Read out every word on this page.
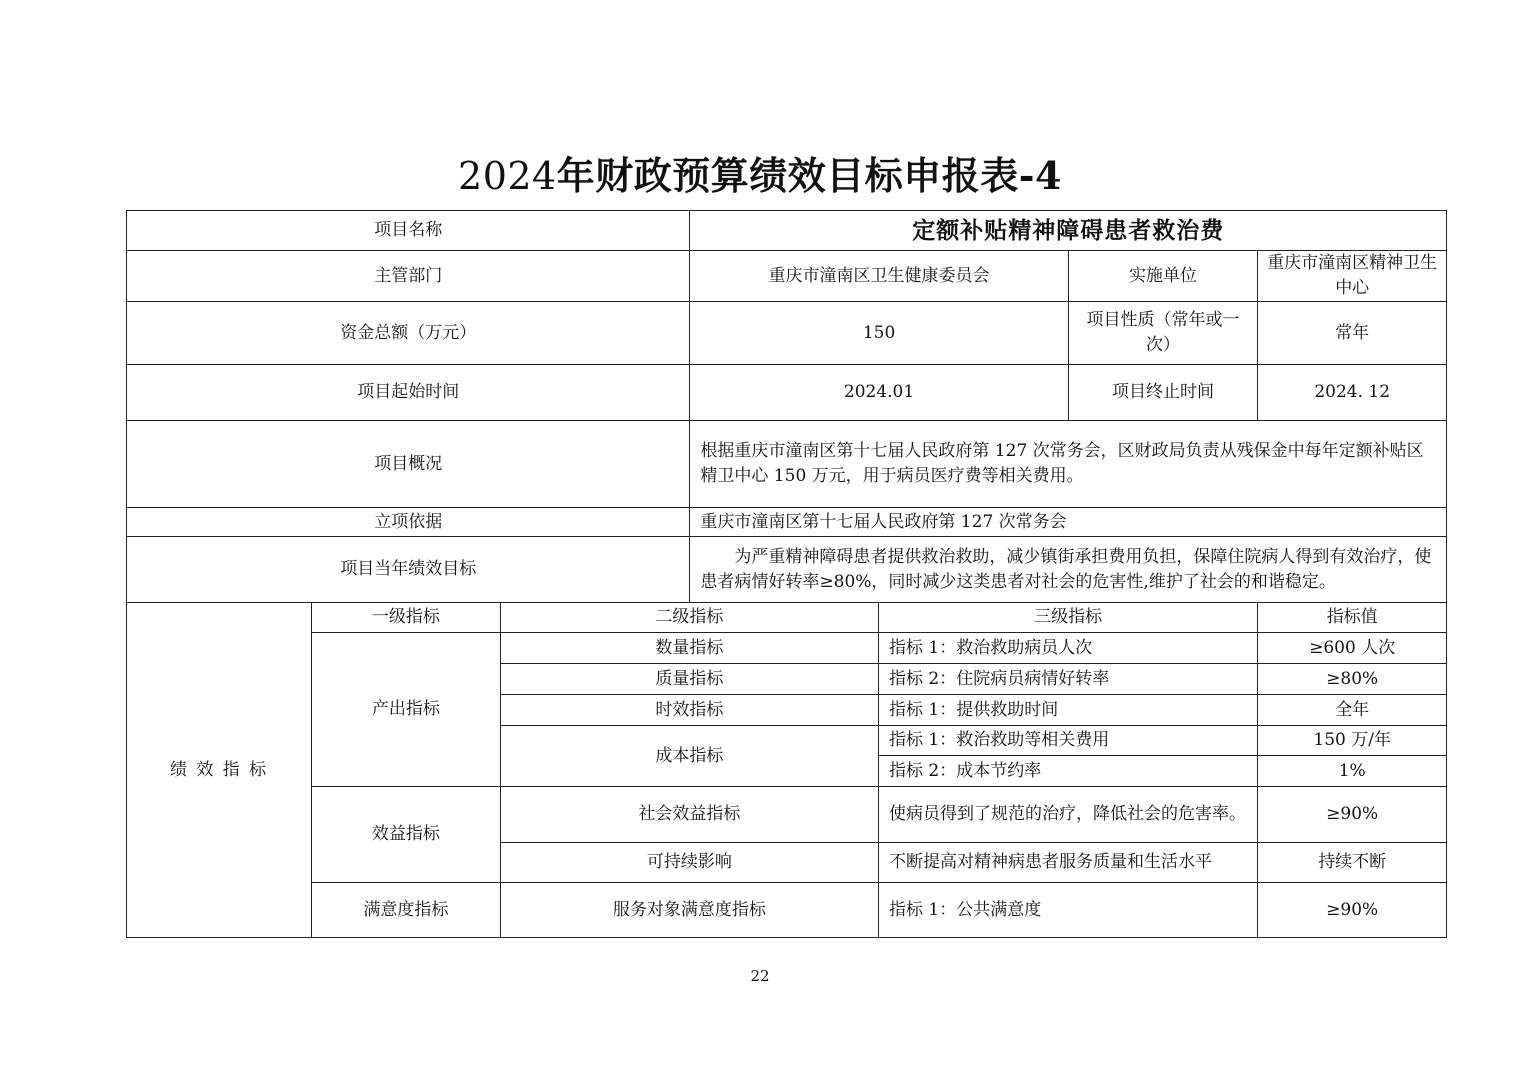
2024年财政预算绩效目标申报表-4
项目名称			定额补贴精神障碍患者救治费			
主管部门			重庆市潼南区卫生健康委员会		实施单位	重庆市潼南区精神卫生中心
资金总额（万元）			150		项目性质（常年或一次）	常年
项目起始时间			2024.01		项目终止时间	2024. 12
项目概况			根据重庆市潼南区第十七届人民政府第 127 次常务会，区财政局负责从残保金中每年定额补贴区精卫中心 150 万元，用于病员医疗费等相关费用。			
立项依据			重庆市潼南区第十七届人民政府第 127 次常务会			
项目当年绩效目标			为严重精神障碍患者提供救治救助，减少镇街承担费用负担，保障住院病人得到有效治疗，使患者病情好转率≥80%，同时减少这类患者对社会的危害性,维护了社会的和谐稳定。			
绩 效 指 标	一级指标	二级指标		三级指标		指标值
	产出指标	数量指标		指标 1：救治救助病员人次		≥600 人次
		质量指标		指标 2：住院病员病情好转率		≥80%
		时效指标		指标 1：提供救助时间		全年
		成本指标		指标 1：救治救助等相关费用		150 万/年
				指标 2：成本节约率		1%
	效益指标	社会效益指标		使病员得到了规范的治疗，降低社会的危害率。		≥90%
		可持续影响		不断提高对精神病患者服务质量和生活水平		持续不断
	满意度指标	服务对象满意度指标		指标 1：公共满意度		≥90%
22
